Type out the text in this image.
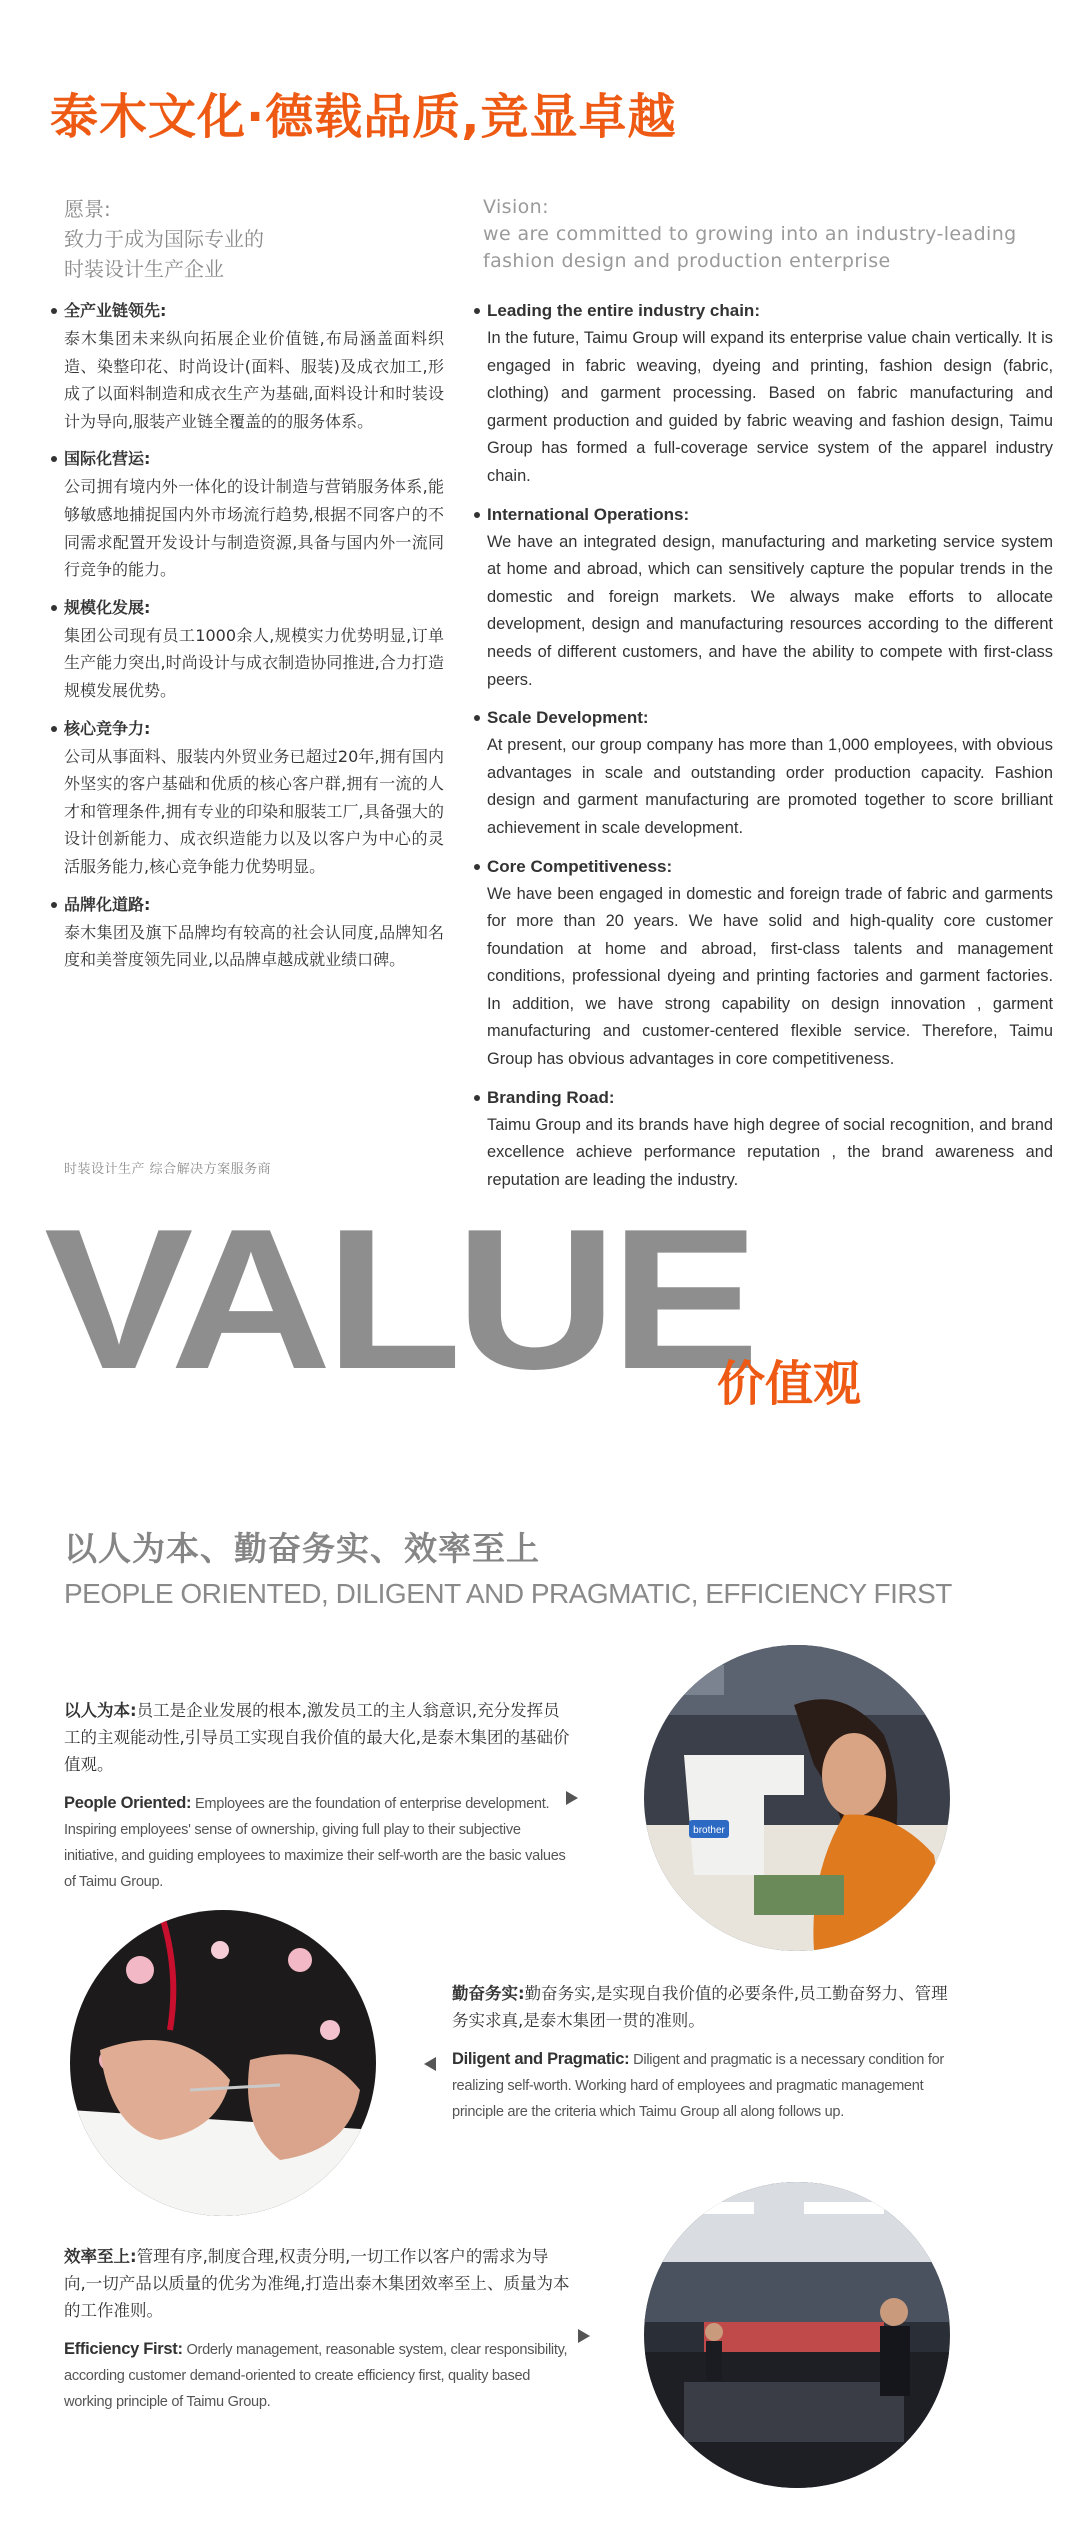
泰木文化·德载品质,竞显卓越
愿景:
致力于成为国际专业的
时装设计生产企业
Vision:
we are committed to growing into an industry-leading
fashion design and production enterprise
全产业链领先:
泰木集团未来纵向拓展企业价值链,布局涵盖面料织造、染整印花、时尚设计(面料、服装)及成衣加工,形成了以面料制造和成衣生产为基础,面料设计和时装设计为导向,服装产业链全覆盖的的服务体系。
国际化营运:
公司拥有境内外一体化的设计制造与营销服务体系,能够敏感地捕捉国内外市场流行趋势,根据不同客户的不同需求配置开发设计与制造资源,具备与国内外一流同行竞争的能力。
规模化发展:
集团公司现有员工1000余人,规模实力优势明显,订单生产能力突出,时尚设计与成衣制造协同推进,合力打造规模发展优势。
核心竞争力:
公司从事面料、服装内外贸业务已超过20年,拥有国内外坚实的客户基础和优质的核心客户群,拥有一流的人才和管理条件,拥有专业的印染和服装工厂,具备强大的设计创新能力、成衣织造能力以及以客户为中心的灵活服务能力,核心竞争能力优势明显。
品牌化道路:
泰木集团及旗下品牌均有较高的社会认同度,品牌知名度和美誉度领先同业,以品牌卓越成就业绩口碑。
Leading the entire industry chain:
In the future, Taimu Group will expand its enterprise value chain vertically. It is engaged in fabric weaving, dyeing and printing, fashion design (fabric, clothing) and garment processing. Based on fabric manufacturing and garment production and guided by fabric weaving and fashion design, Taimu Group has formed a full-coverage service system of the apparel industry chain.
International Operations:
We have an integrated design, manufacturing and marketing service system at home and abroad, which can sensitively capture the popular trends in the domestic and foreign markets. We always make efforts to allocate development, design and manufacturing resources according to the different needs of different customers, and have the ability to compete with first-class peers.
Scale Development:
At present, our group company has more than 1,000 employees, with obvious advantages in scale and outstanding order production capacity. Fashion design and garment manufacturing are promoted together to score brilliant achievement in scale development.
Core Competitiveness:
We have been engaged in domestic and foreign trade of fabric and garments for more than 20 years. We have solid and high-quality core customer foundation at home and abroad, first-class talents and management conditions, professional dyeing and printing factories and garment factories. In addition, we have strong capability on design innovation , garment manufacturing and customer-centered flexible service. Therefore, Taimu Group has obvious advantages in core competitiveness.
Branding Road:
Taimu Group and its brands have high degree of social recognition, and brand excellence achieve performance reputation , the brand awareness and reputation are leading the industry.
时装设计生产 综合解决方案服务商
VALUE
价值观
以人为本、勤奋务实、效率至上
PEOPLE ORIENTED, DILIGENT AND PRAGMATIC, EFFICIENCY FIRST
以人为本:员工是企业发展的根本,激发员工的主人翁意识,充分发挥员工的主观能动性,引导员工实现自我价值的最大化,是泰木集团的基础价值观。
People Oriented: Employees are the foundation of enterprise development. Inspiring employees' sense of ownership, giving full play to their subjective initiative, and guiding employees to maximize their self-worth are the basic values of Taimu Group.
勤奋务实:勤奋务实,是实现自我价值的必要条件,员工勤奋努力、管理务实求真,是泰木集团一贯的准则。
Diligent and Pragmatic: Diligent and pragmatic is a necessary condition for realizing self-worth. Working hard of employees and pragmatic management principle are the criteria which Taimu Group all along follows up.
效率至上:管理有序,制度合理,权责分明,一切工作以客户的需求为导向,一切产品以质量的优劣为准绳,打造出泰木集团效率至上、质量为本的工作准则。
Efficiency First: Orderly management, reasonable system, clear responsibility, according customer demand-oriented to create efficiency first, quality based working principle of Taimu Group.
brother
